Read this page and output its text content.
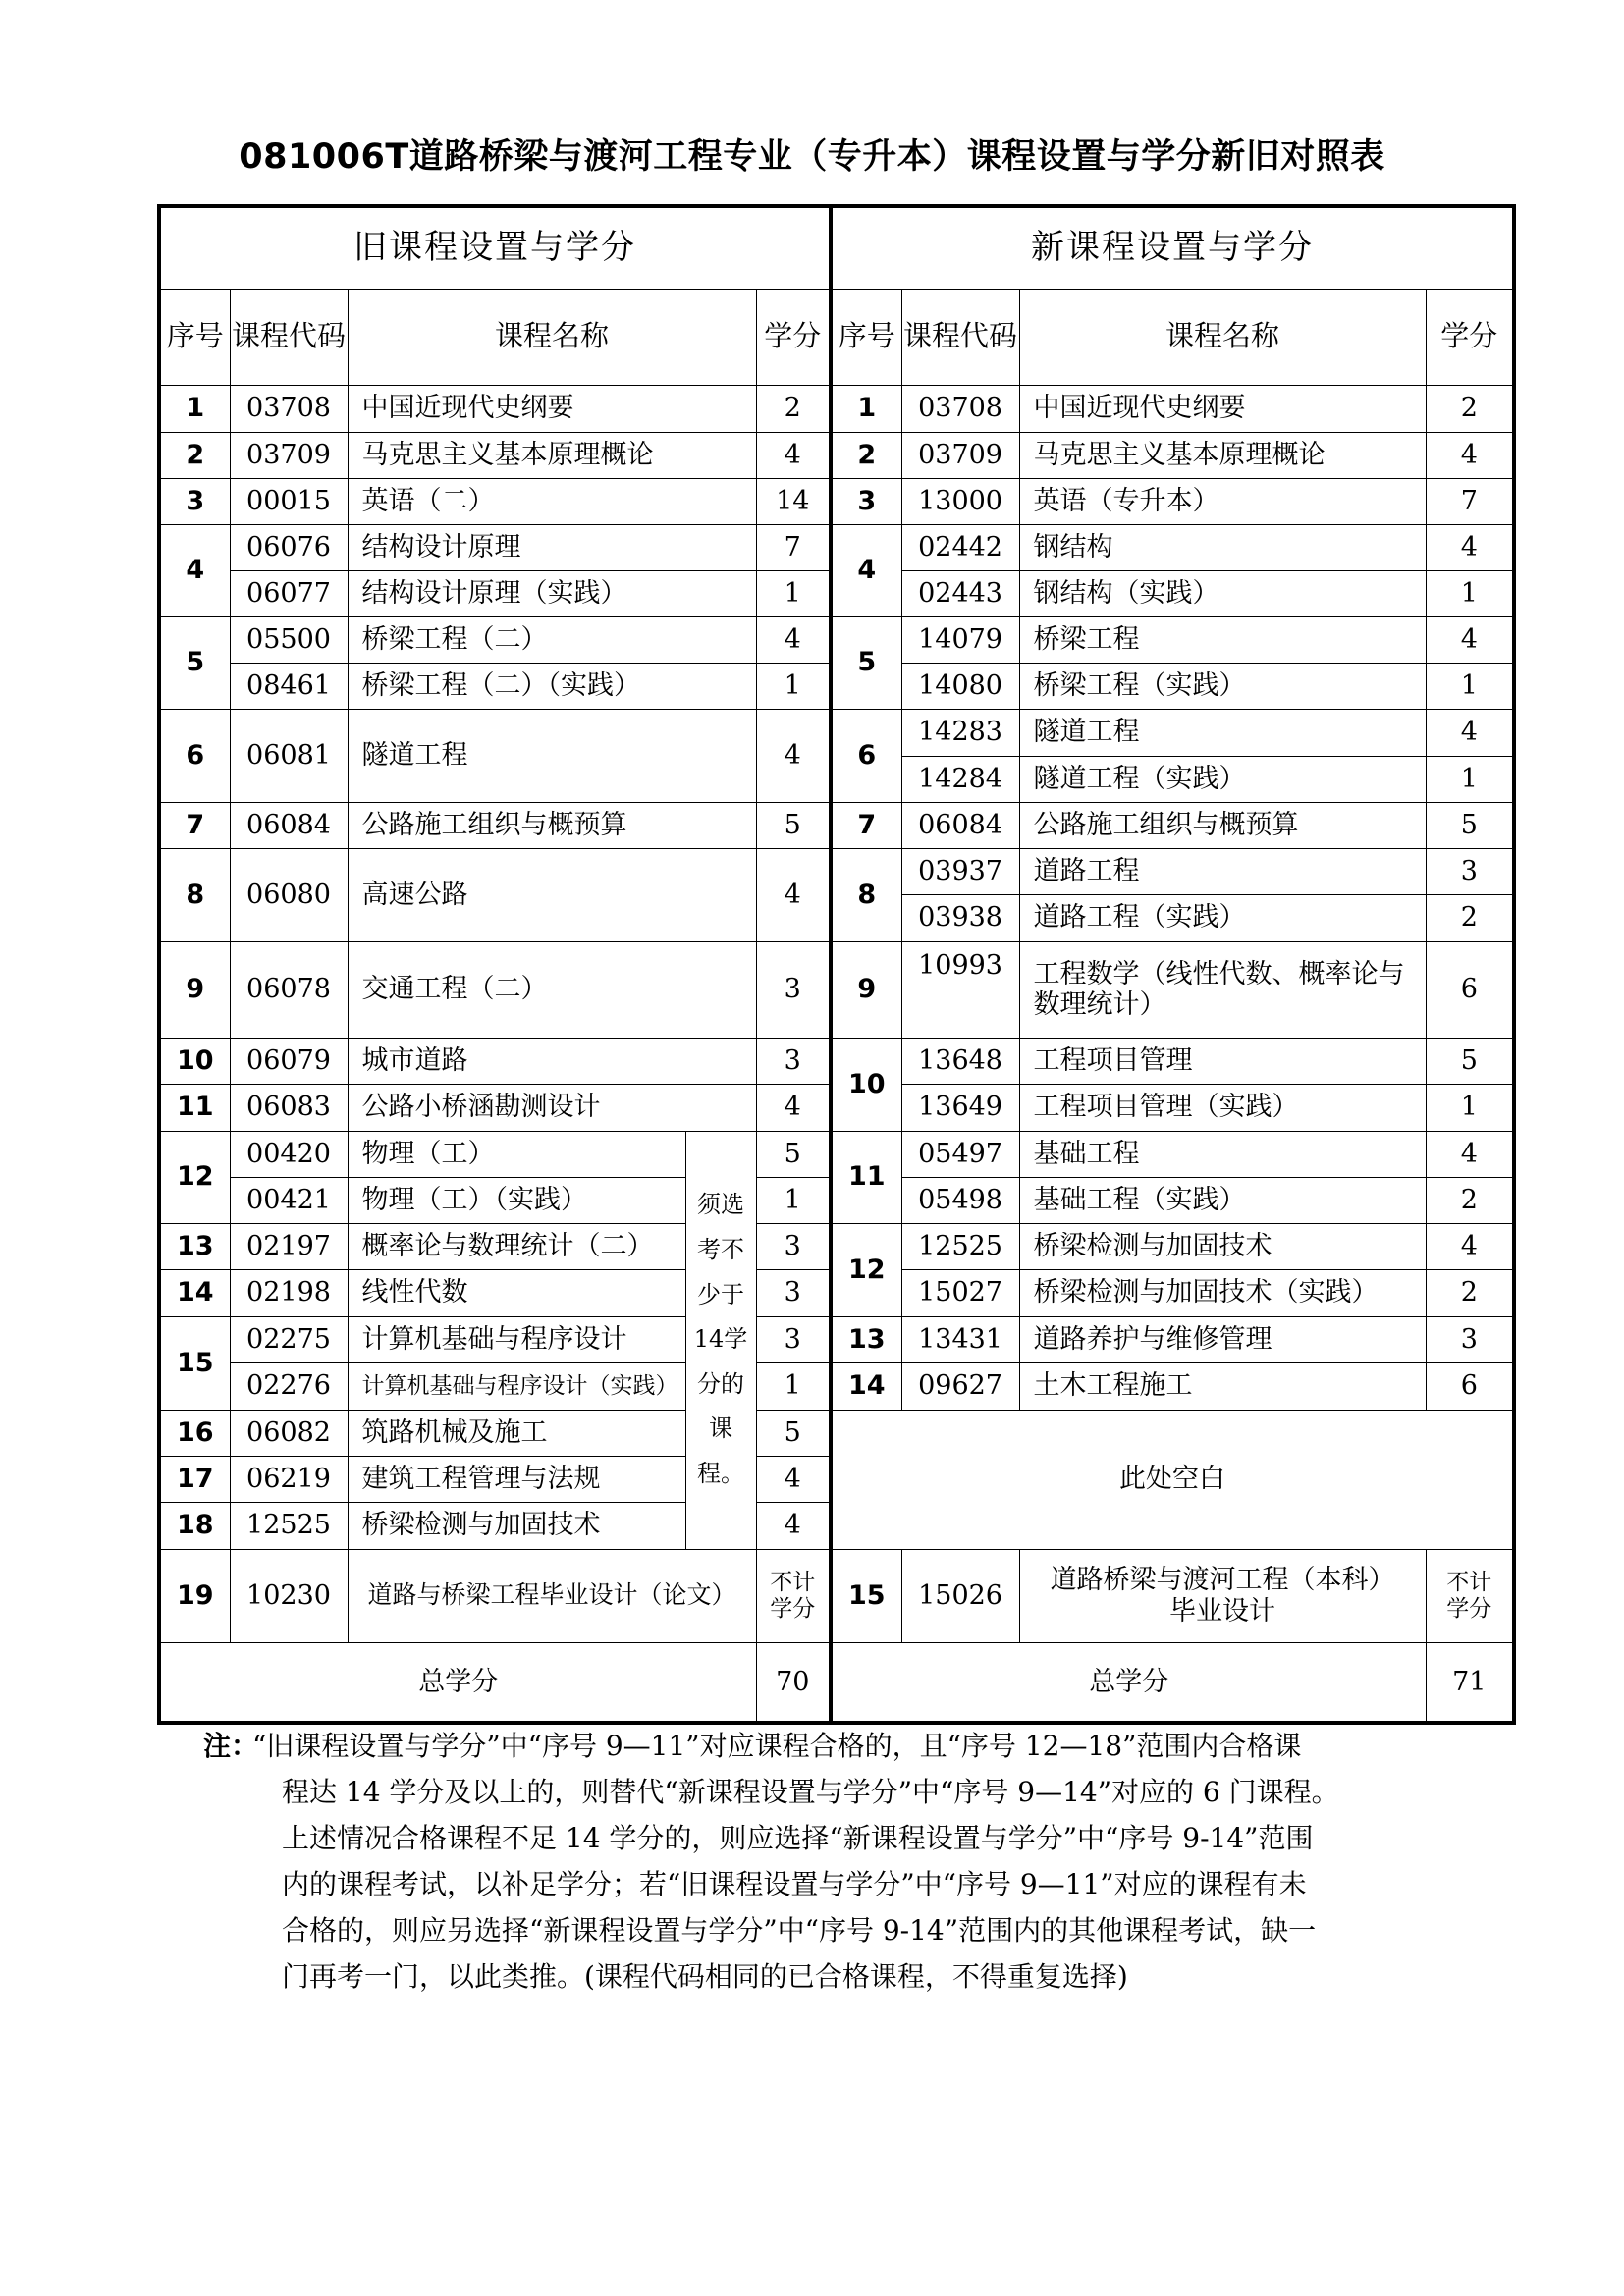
081006T道路桥梁与渡河工程专业（专升本）课程设置与学分新旧对照表
旧课程设置与学分					新课程设置与学分			
序号	课程代码	课程名称		学分	序号	课程代码	课程名称	学分
1	03708	中国近现代史纲要		2	1	03708	中国近现代史纲要	2
2	03709	马克思主义基本原理概论		4	2	03709	马克思主义基本原理概论	4
3	00015	英语（二）		14	3	13000	英语（专升本）	7
4	06076	结构设计原理		7	4	02442	钢结构	4
	06077	结构设计原理（实践）		1		02443	钢结构（实践）	1
5	05500	桥梁工程（二）		4	5	14079	桥梁工程	4
	08461	桥梁工程（二）（实践）		1		14080	桥梁工程（实践）	1
6	06081	隧道工程		4	6	14283	隧道工程	4
						14284	隧道工程（实践）	1
7	06084	公路施工组织与概预算		5	7	06084	公路施工组织与概预算	5
8	06080	高速公路		4	8	03937	道路工程	3
						03938	道路工程（实践）	2
9	06078	交通工程（二）		3	9	10993	工程数学（线性代数、概率论与数理统计）	6
10	06079	城市道路		3	10	13648	工程项目管理	5
11	06083	公路小桥涵勘测设计		4		13649	工程项目管理（实践）	1
12	00420	物理（工）	须选考不少于14学分的课程。	5	11	05497	基础工程	4
	00421	物理（工）（实践）		1		05498	基础工程（实践）	2
13	02197	概率论与数理统计（二）		3	12	12525	桥梁检测与加固技术	4
14	02198	线性代数		3		15027	桥梁检测与加固技术（实践）	2
15	02275	计算机基础与程序设计		3	13	13431	道路养护与维修管理	3
	02276	计算机基础与程序设计（实践）		1	14	09627	土木工程施工	6
16	06082	筑路机械及施工		5	此处空白			
17	06219	建筑工程管理与法规		4				
18	12525	桥梁检测与加固技术		4				
19	10230	道路与桥梁工程毕业设计（论文）		不计学分	15	15026	道路桥梁与渡河工程（本科）毕业设计	不计学分
总学分				70	总学分			71
注：
“旧课程设置与学分”中“序号 9—11”对应课程合格的，且“序号 12—18”范围内合格课
程达 14 学分及以上的，则替代“新课程设置与学分”中“序号 9—14”对应的 6 门课程。
上述情况合格课程不足 14 学分的，则应选择“新课程设置与学分”中“序号 9-14”范围
内的课程考试，以补足学分；若“旧课程设置与学分”中“序号 9—11”对应的课程有未
合格的，则应另选择“新课程设置与学分”中“序号 9-14”范围内的其他课程考试，缺一
门再考一门，以此类推。(课程代码相同的已合格课程，不得重复选择)
